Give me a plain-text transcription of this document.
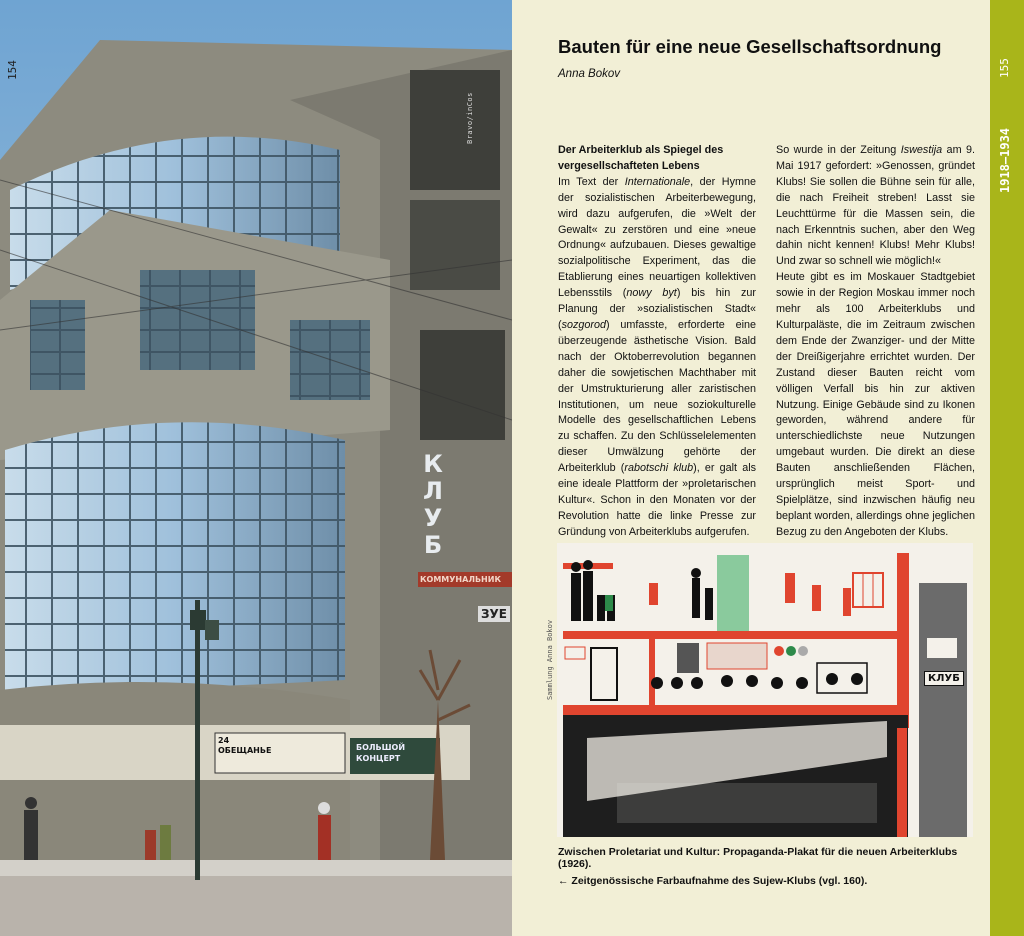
К
Л
У
Б
КОММУНАЛЬНИК
ЗУЕ
24 ОБЕЩАНЬЕ	БОЛЬШОЙ КОНЦЕРТ
154
Bravo/inCos
155
1918–1934
Bauten für eine neue Gesellschaftsordnung
Anna Bokov

Der Arbeiterklub als Spiegel des vergesellschafteten Lebens

Im Text der Internationale, der Hymne der sozialistischen Arbeiterbewegung, wird dazu aufgerufen, die »Welt der Gewalt« zu zerstören und eine »neue Ordnung« aufzubauen. Dieses gewaltige sozialpolitische Experiment, das die Etablierung eines neuartigen kollektiven Lebensstils (nowy byt) bis hin zur Planung der »sozialistischen Stadt« (sozgorod) umfasste, erforderte eine überzeugende ästhetische Vision. Bald nach der Oktoberrevolution begannen daher die sowjetischen Machthaber mit der Umstrukturierung aller zaristischen Institutionen, um neue soziokulturelle Modelle des gesellschaftlichen Lebens zu schaffen. Zu den Schlüsselelementen dieser Umwälzung gehörte der Arbeiterklub (rabotschi klub), er galt als eine ideale Plattform der »proletarischen Kultur«. Schon in den Monaten vor der Revolution hatte die linke Presse zur Gründung von Arbeiterklubs aufgerufen.

So wurde in der Zeitung Iswestija am 9. Mai 1917 gefordert: »Genossen, gründet Klubs! Sie sollen die Bühne sein für alle, die nach Freiheit streben! Lasst sie Leuchttürme für die Massen sein, die nach Erkenntnis suchen, aber den Weg dahin nicht kennen! Klubs! Mehr Klubs! Und zwar so schnell wie möglich!«

Heute gibt es im Moskauer Stadtgebiet sowie in der Region Moskau immer noch mehr als 100 Arbeiterklubs und Kulturpaläste, die im Zeitraum zwischen dem Ende der Zwanziger- und der Mitte der Dreißigerjahre errichtet wurden. Der Zustand dieser Bauten reicht vom völligen Verfall bis hin zur aktiven Nutzung. Einige Gebäude sind zu Ikonen geworden, während andere für unterschiedlichste neue Nutzungen umgebaut wurden. Die direkt an diese Bauten anschließenden Flächen, ursprünglich meist Sport- und Spielplätze, sind inzwischen häufig neu beplant worden, allerdings ohne jeglichen Bezug zu den Angeboten der Klubs.

КЛУБ
Sammlung Anna Bokov
Zwischen Proletariat und Kultur: Propaganda-Plakat für die neuen Arbeiterklubs (1926).
← Zeitgenössische Farbaufnahme des Sujew-Klubs (vgl. 160).
